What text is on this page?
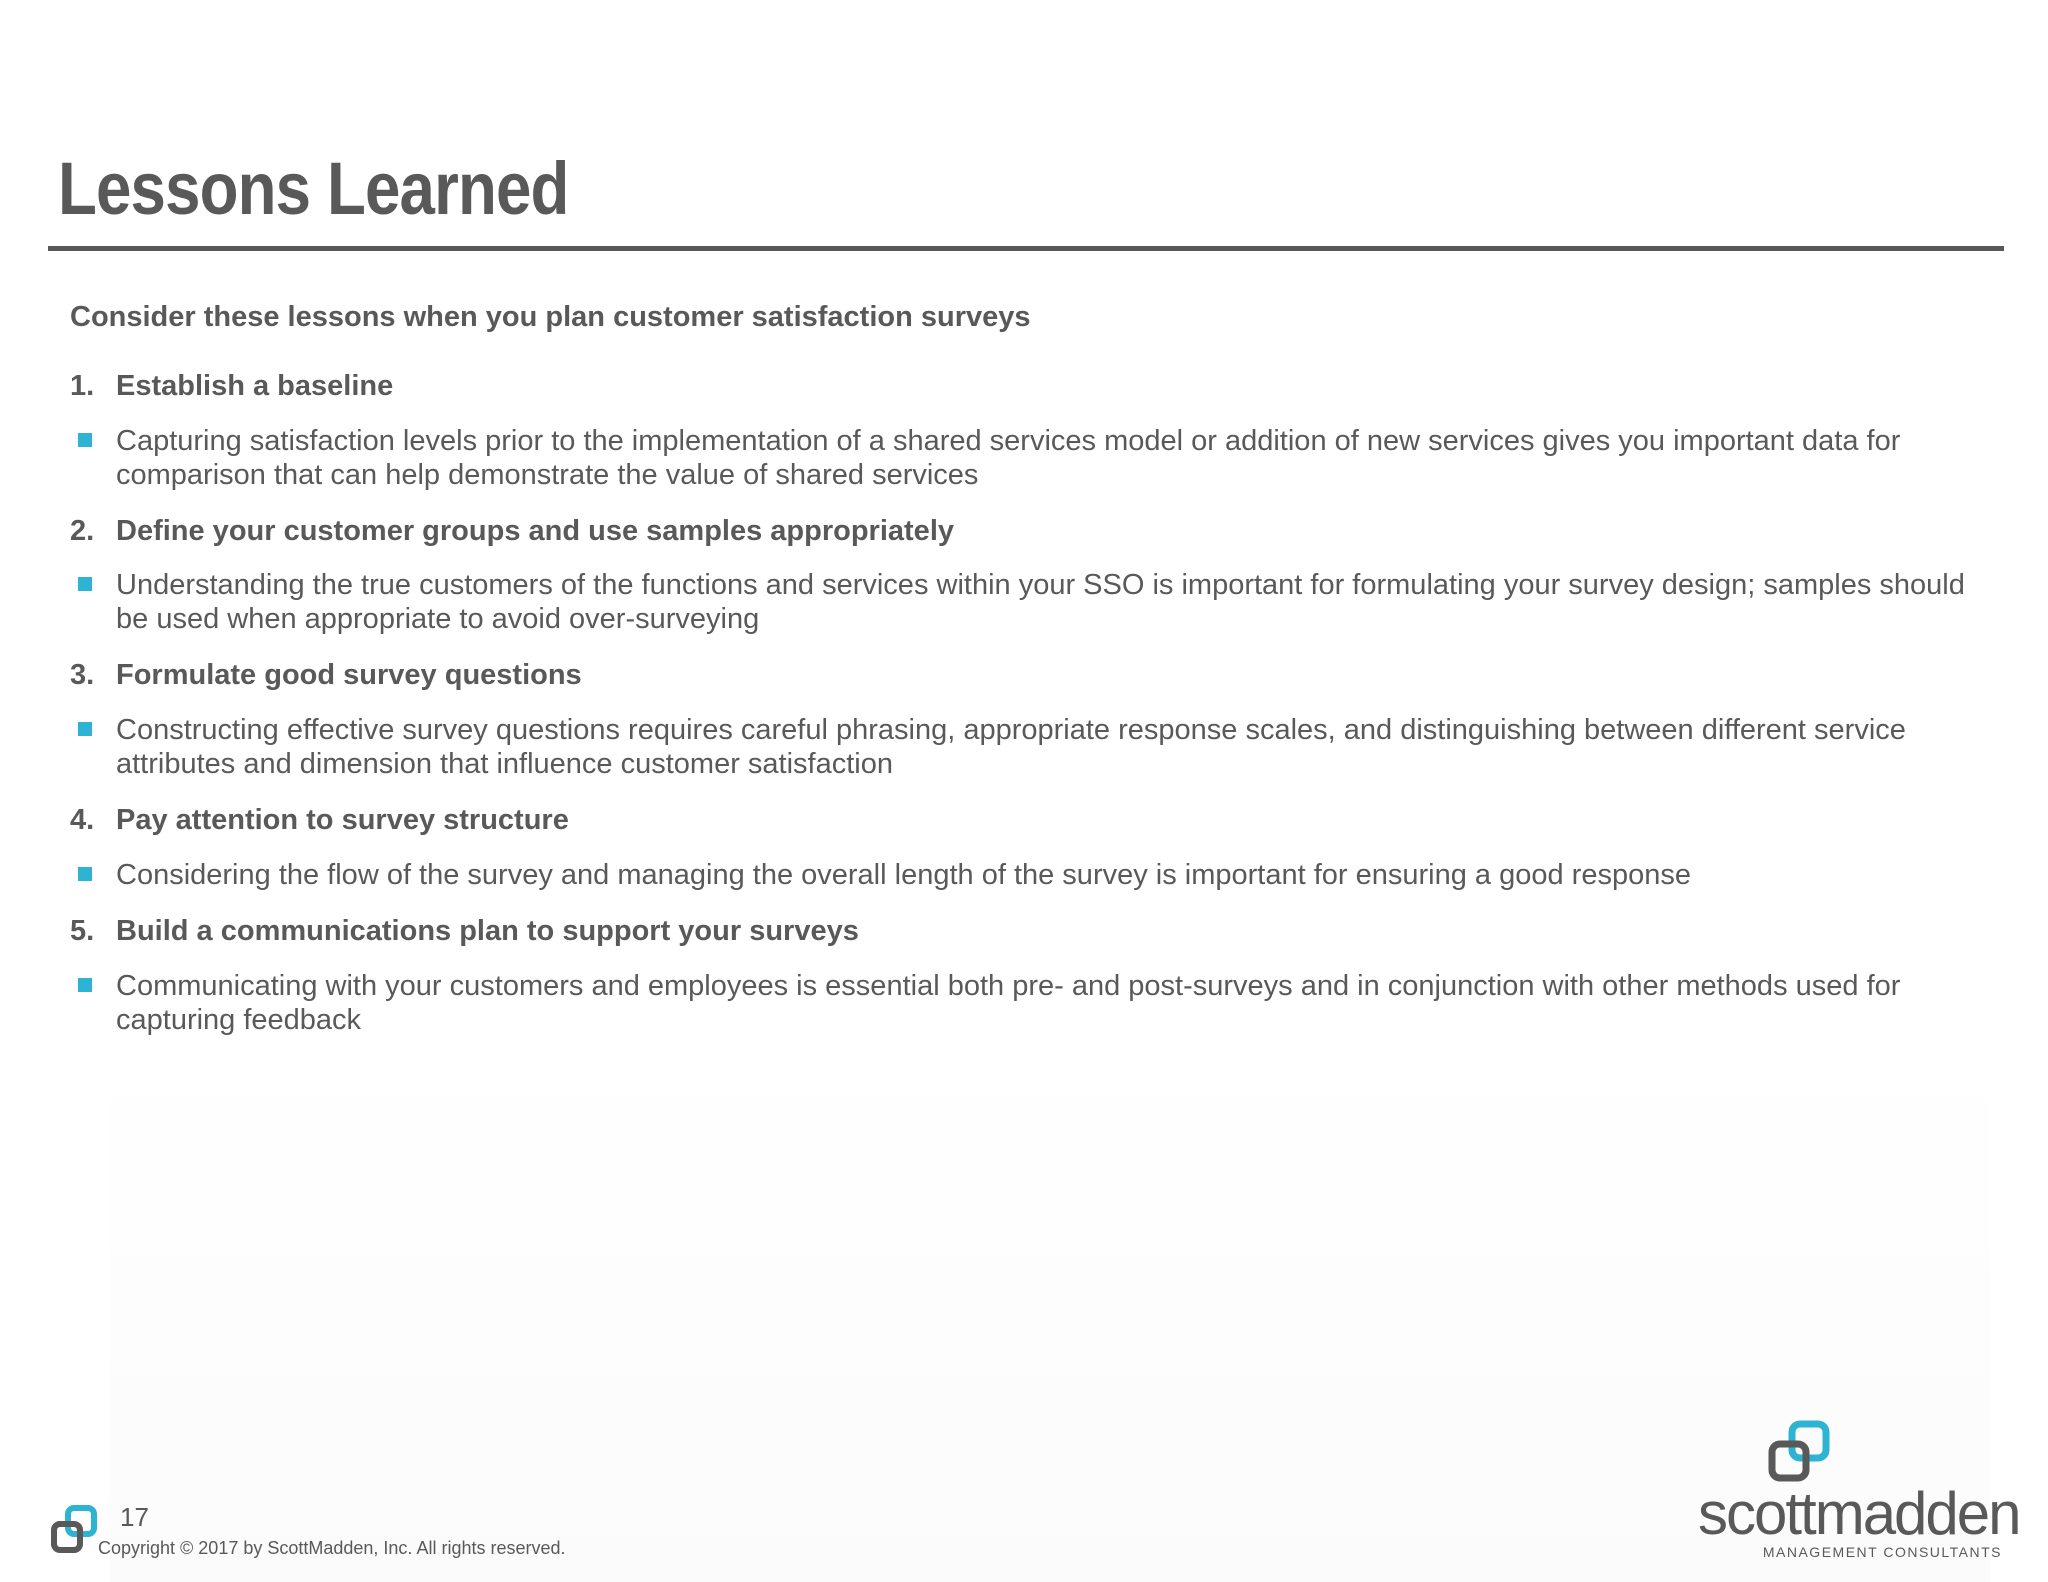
Lessons Learned

Consider these lessons when you plan customer satisfaction surveys

1. Establish a baseline
Capturing satisfaction levels prior to the implementation of a shared services model or addition of new services gives you important data for comparison that can help demonstrate the value of shared services
2. Define your customer groups and use samples appropriately
Understanding the true customers of the functions and services within your SSO is important for formulating your survey design; samples should be used when appropriate to avoid over-surveying
3. Formulate good survey questions
Constructing effective survey questions requires careful phrasing, appropriate response scales, and distinguishing between different service attributes and dimension that influence customer satisfaction
4. Pay attention to survey structure
Considering the flow of the survey and managing the overall length of the survey is important for ensuring a good response
5. Build a communications plan to support your surveys
Communicating with your customers and employees is essential both pre- and post-surveys and in conjunction with other methods used for capturing feedback
17
Copyright © 2017 by ScottMadden, Inc. All rights reserved.
scottmadden
MANAGEMENT CONSULTANTS
